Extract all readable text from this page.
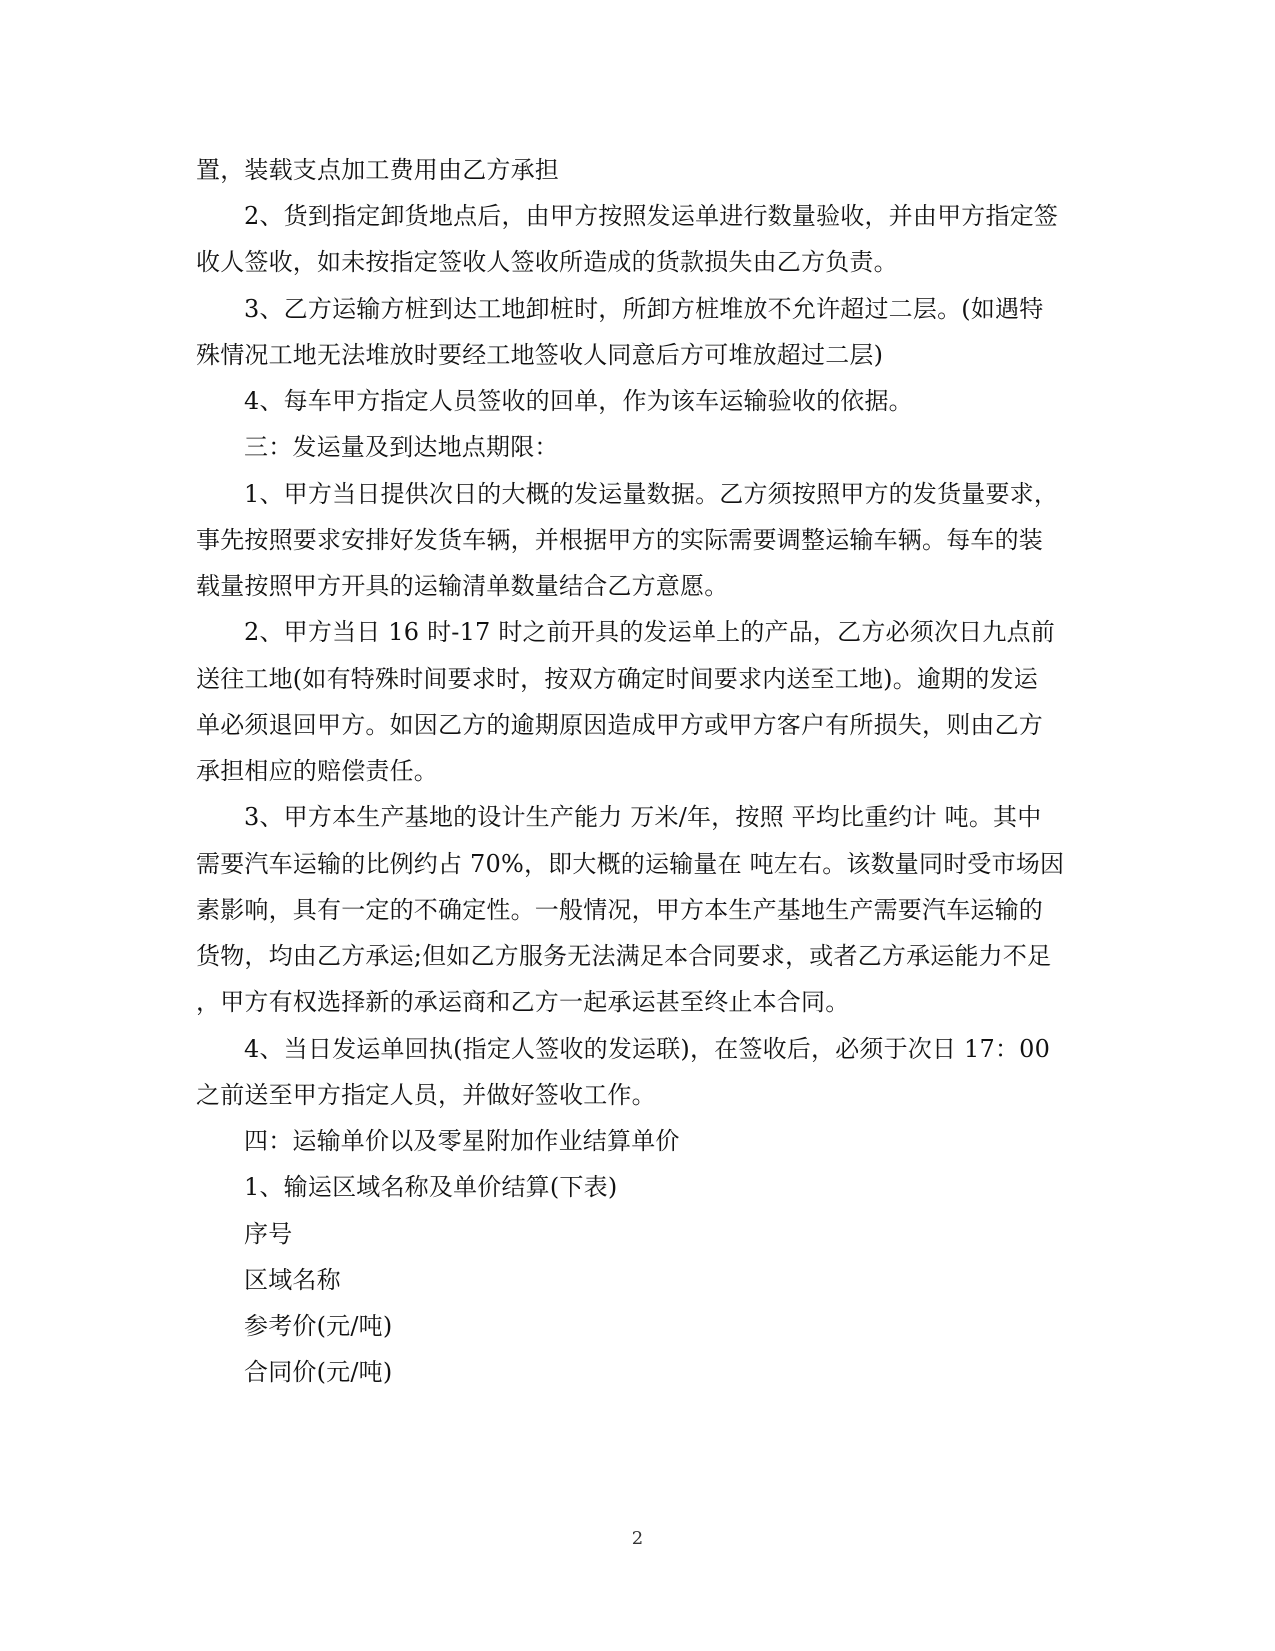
置，装载支点加工费用由乙方承担
2、货到指定卸货地点后，由甲方按照发运单进行数量验收，并由甲方指定签
收人签收，如未按指定签收人签收所造成的货款损失由乙方负责。
3、乙方运输方桩到达工地卸桩时，所卸方桩堆放不允许超过二层。(如遇特
殊情况工地无法堆放时要经工地签收人同意后方可堆放超过二层)
4、每车甲方指定人员签收的回单，作为该车运输验收的依据。
三：发运量及到达地点期限：
1、甲方当日提供次日的大概的发运量数据。乙方须按照甲方的发货量要求，
事先按照要求安排好发货车辆，并根据甲方的实际需要调整运输车辆。每车的装
载量按照甲方开具的运输清单数量结合乙方意愿。
2、甲方当日 16 时-17 时之前开具的发运单上的产品，乙方必须次日九点前
送往工地(如有特殊时间要求时，按双方确定时间要求内送至工地)。逾期的发运
单必须退回甲方。如因乙方的逾期原因造成甲方或甲方客户有所损失，则由乙方
承担相应的赔偿责任。
3、甲方本生产基地的设计生产能力 万米/年，按照 平均比重约计 吨。其中
需要汽车运输的比例约占 70%，即大概的运输量在 吨左右。该数量同时受市场因
素影响，具有一定的不确定性。一般情况，甲方本生产基地生产需要汽车运输的
货物，均由乙方承运;但如乙方服务无法满足本合同要求，或者乙方承运能力不足
，甲方有权选择新的承运商和乙方一起承运甚至终止本合同。
4、当日发运单回执(指定人签收的发运联)，在签收后，必须于次日 17：00
之前送至甲方指定人员，并做好签收工作。
四：运输单价以及零星附加作业结算单价
1、输运区域名称及单价结算(下表)
序号
区域名称
参考价(元/吨)
合同价(元/吨)
2
